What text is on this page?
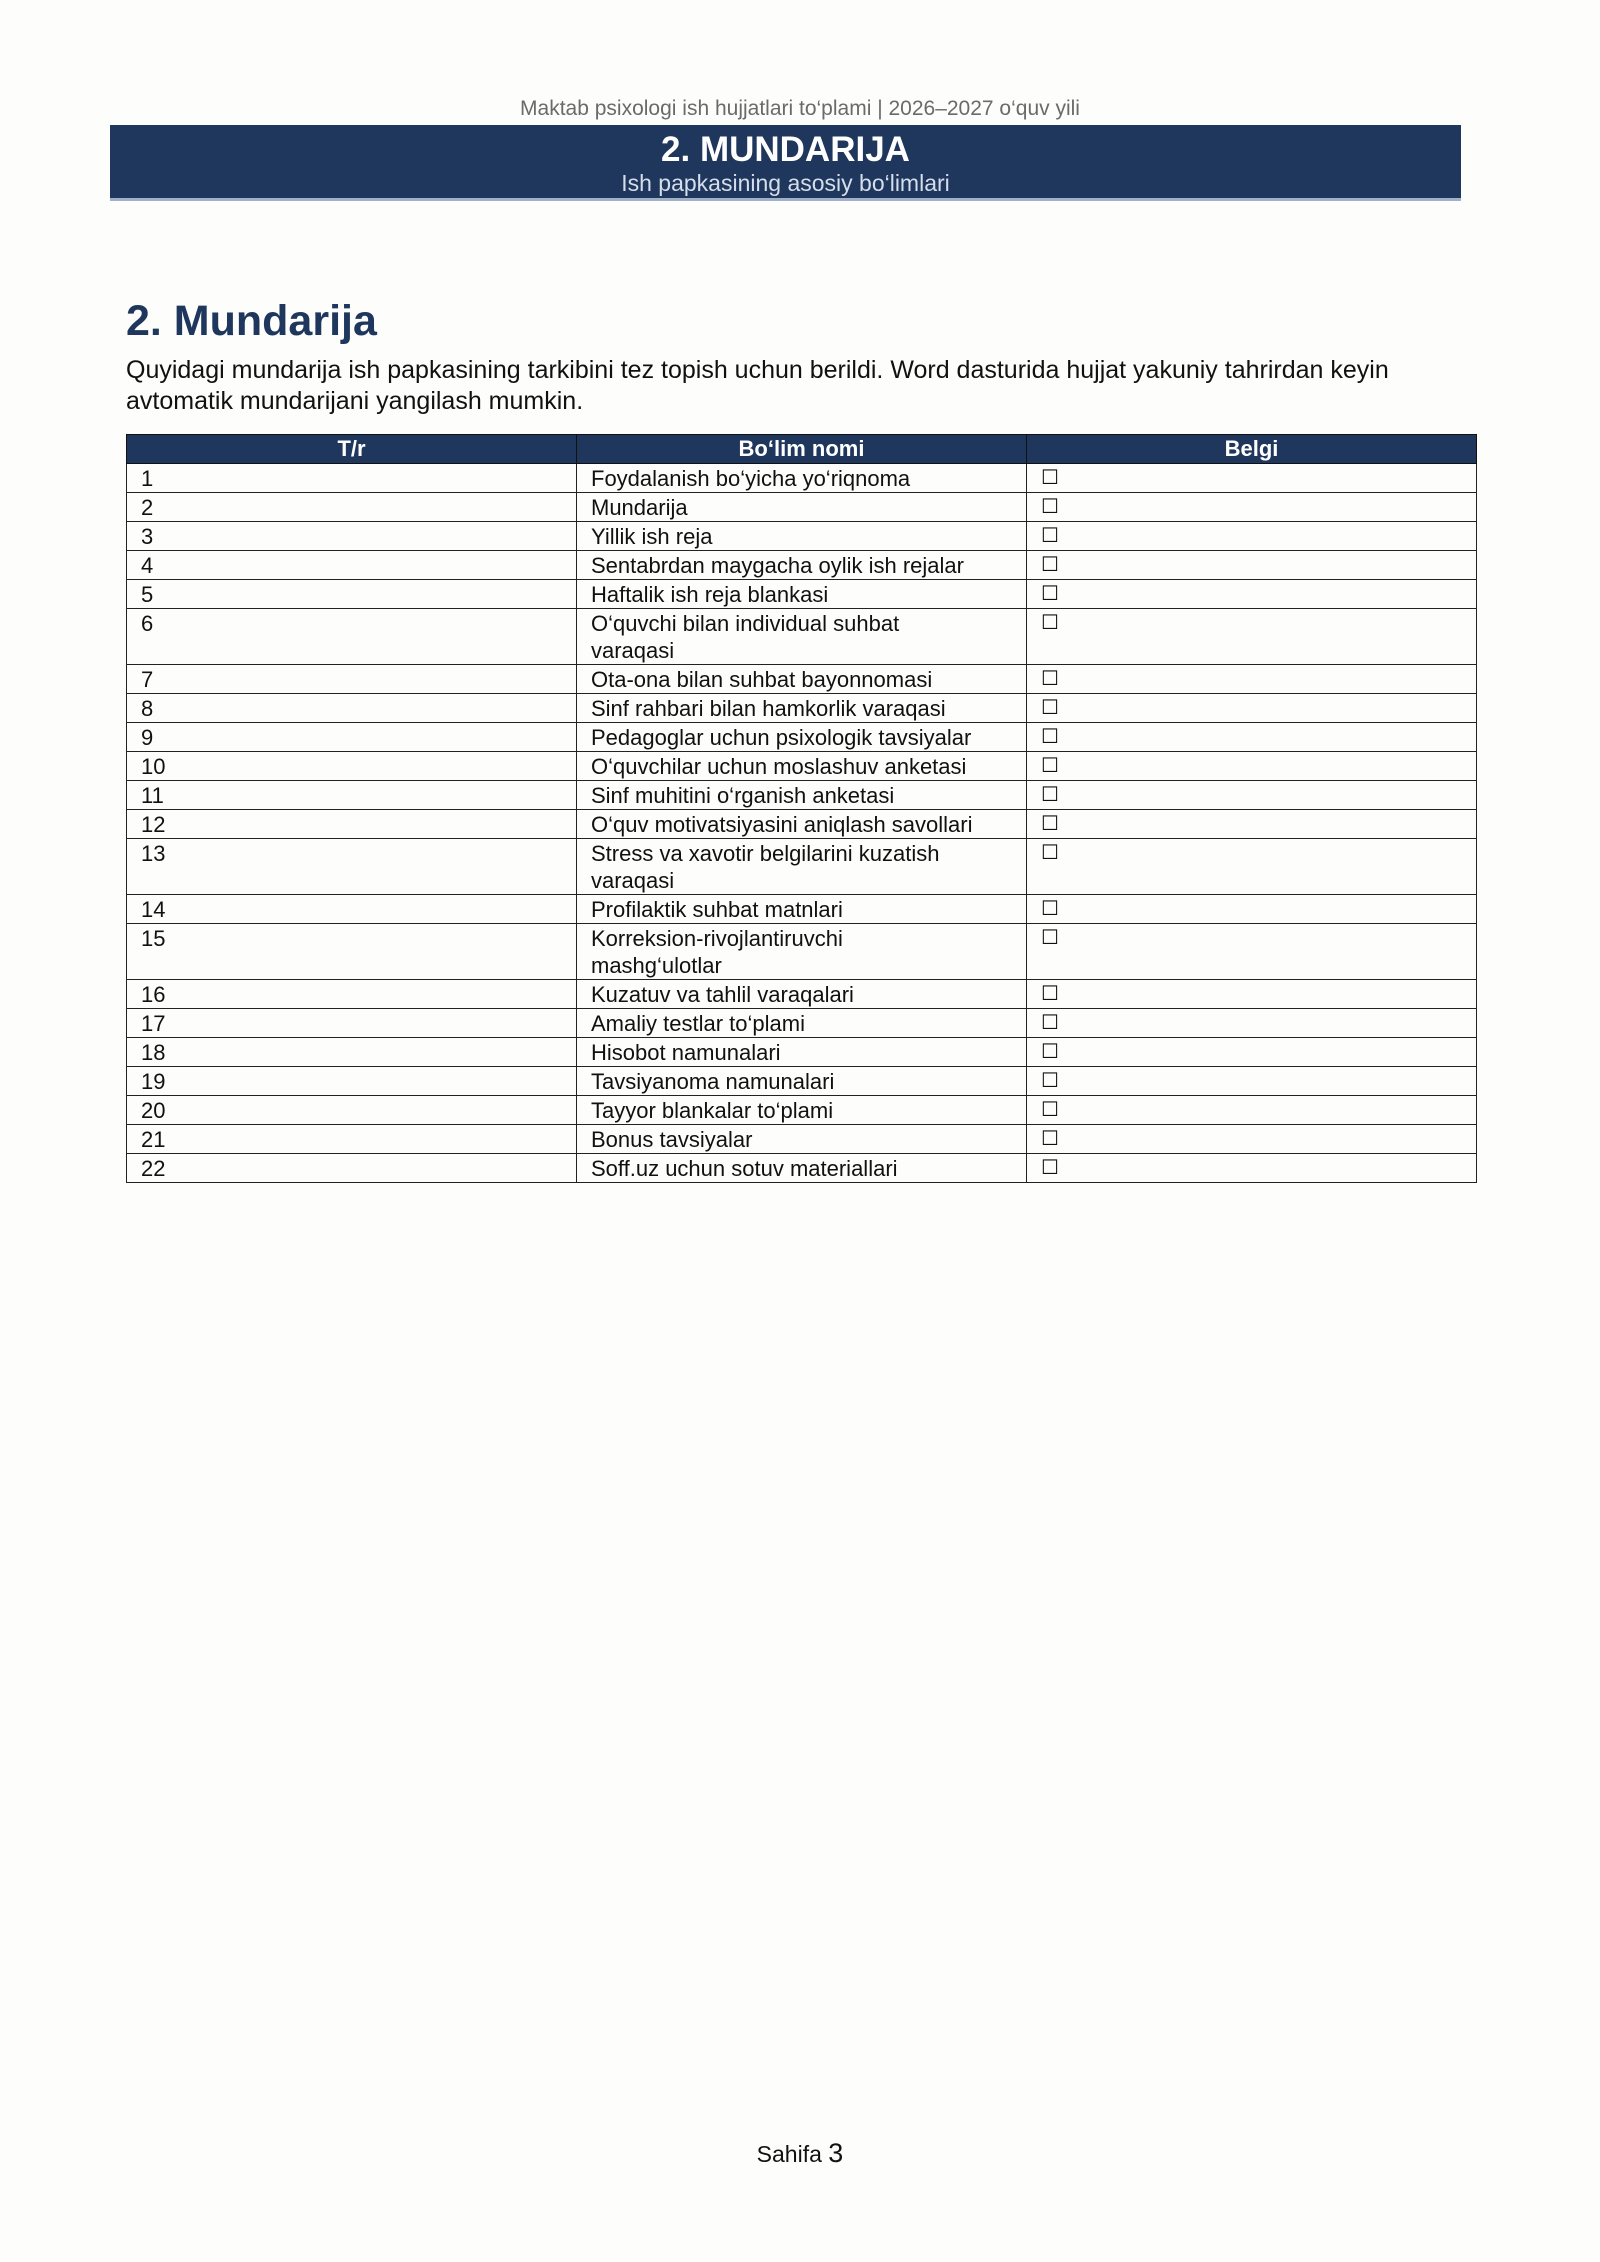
Maktab psixologi ish hujjatlari to‘plami | 2026–2027 o‘quv yili
2. MUNDARIJA
Ish papkasining asosiy bo‘limlari
2. Mundarija

Quyidagi mundarija ish papkasining tarkibini tez topish uchun berildi. Word dasturida hujjat yakuniy tahrirdan keyin avtomatik mundarijani yangilash mumkin.

T/r	Bo‘lim nomi	Belgi
1	Foydalanish bo‘yicha yo‘riqnoma	☐
2	Mundarija	☐
3	Yillik ish reja	☐
4	Sentabrdan maygacha oylik ish rejalar	☐
5	Haftalik ish reja blankasi	☐
6	O‘quvchi bilan individual suhbat varaqasi	☐
7	Ota-ona bilan suhbat bayonnomasi	☐
8	Sinf rahbari bilan hamkorlik varaqasi	☐
9	Pedagoglar uchun psixologik tavsiyalar	☐
10	O‘quvchilar uchun moslashuv anketasi	☐
11	Sinf muhitini o‘rganish anketasi	☐
12	O‘quv motivatsiyasini aniqlash savollari	☐
13	Stress va xavotir belgilarini kuzatish varaqasi	☐
14	Profilaktik suhbat matnlari	☐
15	Korreksion-rivojlantiruvchi mashg‘ulotlar	☐
16	Kuzatuv va tahlil varaqalari	☐
17	Amaliy testlar to‘plami	☐
18	Hisobot namunalari	☐
19	Tavsiyanoma namunalari	☐
20	Tayyor blankalar to‘plami	☐
21	Bonus tavsiyalar	☐
22	Soff.uz uchun sotuv materiallari	☐
Sahifa 3
